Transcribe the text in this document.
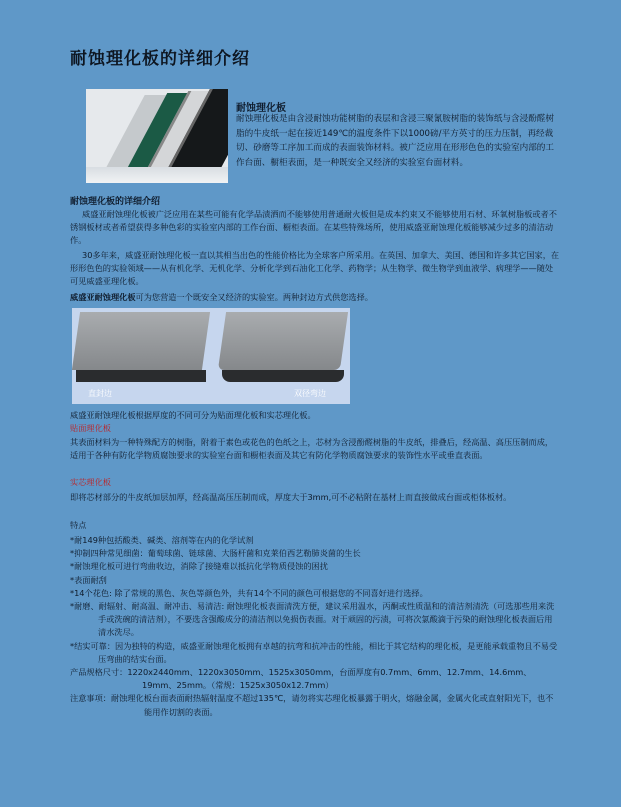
耐蚀理化板的详细介绍
耐蚀理化板
耐蚀理化板是由含浸耐蚀功能树脂的表层和含浸三聚氰胺树脂的装饰纸与含浸酚醛树脂的牛皮纸一起在接近149℃的温度条件下以1000磅/平方英寸的压力压制，再经裁切、砂磨等工序加工而成的表面装饰材料。被广泛应用在形形色色的实验室内部的工作台面、橱柜表面，是一种既安全又经济的实验室台面材料。
耐蚀理化板的详细介绍
威盛亚耐蚀理化板被广泛应用在某些可能有化学品渍洒而不能够使用普通耐火板但是成本约束又不能够使用石材、环氧树脂板或者不锈钢板材或者希望获得多种色彩的实验室内部的工作台面、橱柜表面。在某些特殊场所，使用威盛亚耐蚀理化板能够减少过多的清洁动作。
30多年来，威盛亚耐蚀理化板一直以其相当出色的性能价格比为全球客户所采用。在英国、加拿大、美国、德国和许多其它国家，在形形色色的实验领域——从有机化学、无机化学、分析化学到石油化工化学、药物学；从生物学、微生物学到血液学、病理学——随处可见威盛亚理化板。
威盛亚耐蚀理化板可为您营造一个既安全又经济的实验室。两种封边方式供您选择。
直封边	双径弯边
威盛亚耐蚀理化板根据厚度的不同可分为贴面理化板和实芯理化板。
贴面理化板
其表面材料为一种特殊配方的树脂，附着于素色或花色的色纸之上，芯材为含浸酚醛树脂的牛皮纸，排叠后，经高温、高压压制而成，适用于各种有防化学物质腐蚀要求的实验室台面和橱柜表面及其它有防化学物质腐蚀要求的装饰性水平或垂直表面。
实芯理化板
即将芯材部分的牛皮纸加层加厚，经高温高压压制而成，厚度大于3mm,可不必粘附在基材上而直接做成台面或柜体板材。
特点
*耐149种包括酸类、碱类、溶剂等在内的化学试剂
*抑制四种常见细菌：葡萄球菌、链球菌、大肠杆菌和克莱伯西艺勒肺炎菌的生长
*耐蚀理化板可进行弯曲收边，消除了接缝难以抵抗化学物质侵蚀的困扰
*表面耐刮
*14个花色: 除了常规的黑色、灰色等颜色外，共有14个不同的颜色可根据您的不同喜好进行选择。
*耐磨、耐辐射、耐高温、耐冲击、易清洁: 耐蚀理化板表面清洗方便，建议采用温水，丙酮或性质温和的清洁剂清洗（可选那些用来洗手或洗碗的清洁剂），不要选含强酸成分的清洁剂以免损伤表面。对于顽固的污渍，可将次氯酸滴于污染的耐蚀理化板表面后用清水洗尽。
*结实可靠：因为独特的构造，威盛亚耐蚀理化板拥有卓越的抗弯和抗冲击的性能，相比于其它结构的理化板，是更能承载重物且不易受压弯曲的结实台面。
产品规格尺寸：1220x2440mm、1220x3050mm、1525x3050mm，台面厚度有0.7mm、6mm、12.7mm、14.6mm、19mm、25mm。（常规：1525x3050x12.7mm）
注意事项：耐蚀理化板台面表面耐热辐射温度不超过135℃，请勿将实芯理化板暴露于明火，熔融金属，金属火化或直射阳光下，也不能用作切割的表面。
